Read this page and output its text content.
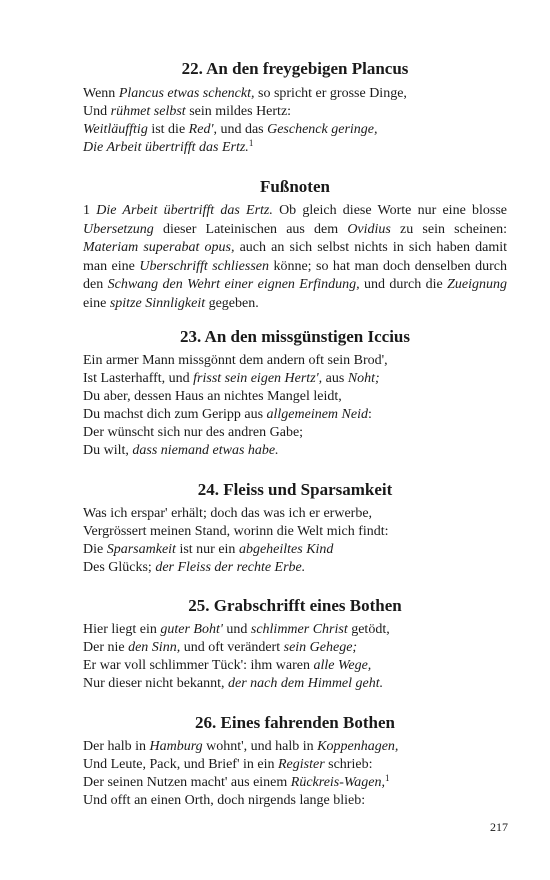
22. An den freygebigen Plancus
Wenn Plancus etwas schenckt, so spricht er grosse Dinge,
Und rühmet selbst sein mildes Hertz:
Weitläufftig ist die Red', und das Geschenck geringe,
Die Arbeit übertrifft das Ertz.$^1$
Fußnoten

1 Die Arbeit übertrifft das Ertz. Ob gleich diese Worte nur eine blosse Ubersetzung dieser Lateinischen aus dem Ovidius zu sein scheinen: Materiam superabat opus, auch an sich selbst nichts in sich haben damit man eine Uberschrifft schliessen könne; so hat man doch denselben durch den Schwang den Wehrt einer eignen Erfindung, und durch die Zueignung eine spitze Sinnligkeit gegeben.

23. An den missgünstigen Iccius
Ein armer Mann missgönnt dem andern oft sein Brod',
Ist Lasterhafft, und frisst sein eigen Hertz', aus Noht;
Du aber, dessen Haus an nichtes Mangel leidt,
Du machst dich zum Geripp aus allgemeinem Neid:
Der wünscht sich nur des andren Gabe;
Du wilt, dass niemand etwas habe.
24. Fleiss und Sparsamkeit
Was ich erspar' erhält; doch das was ich er erwerbe,
Vergrössert meinen Stand, worinn die Welt mich findt:
Die Sparsamkeit ist nur ein abgeheiltes Kind
Des Glücks; der Fleiss der rechte Erbe.
25. Grabschrifft eines Bothen
Hier liegt ein guter Boht' und schlimmer Christ getödt,
Der nie den Sinn, und oft verändert sein Gehege;
Er war voll schlimmer Tück': ihm waren alle Wege,
Nur dieser nicht bekannt, der nach dem Himmel geht.
26. Eines fahrenden Bothen
Der halb in Hamburg wohnt', und halb in Koppenhagen,
Und Leute, Pack, und Brief' in ein Register schrieb:
Der seinen Nutzen macht' aus einem Rückreis-Wagen,$^1$
Und offt an einen Orth, doch nirgends lange blieb:
217
